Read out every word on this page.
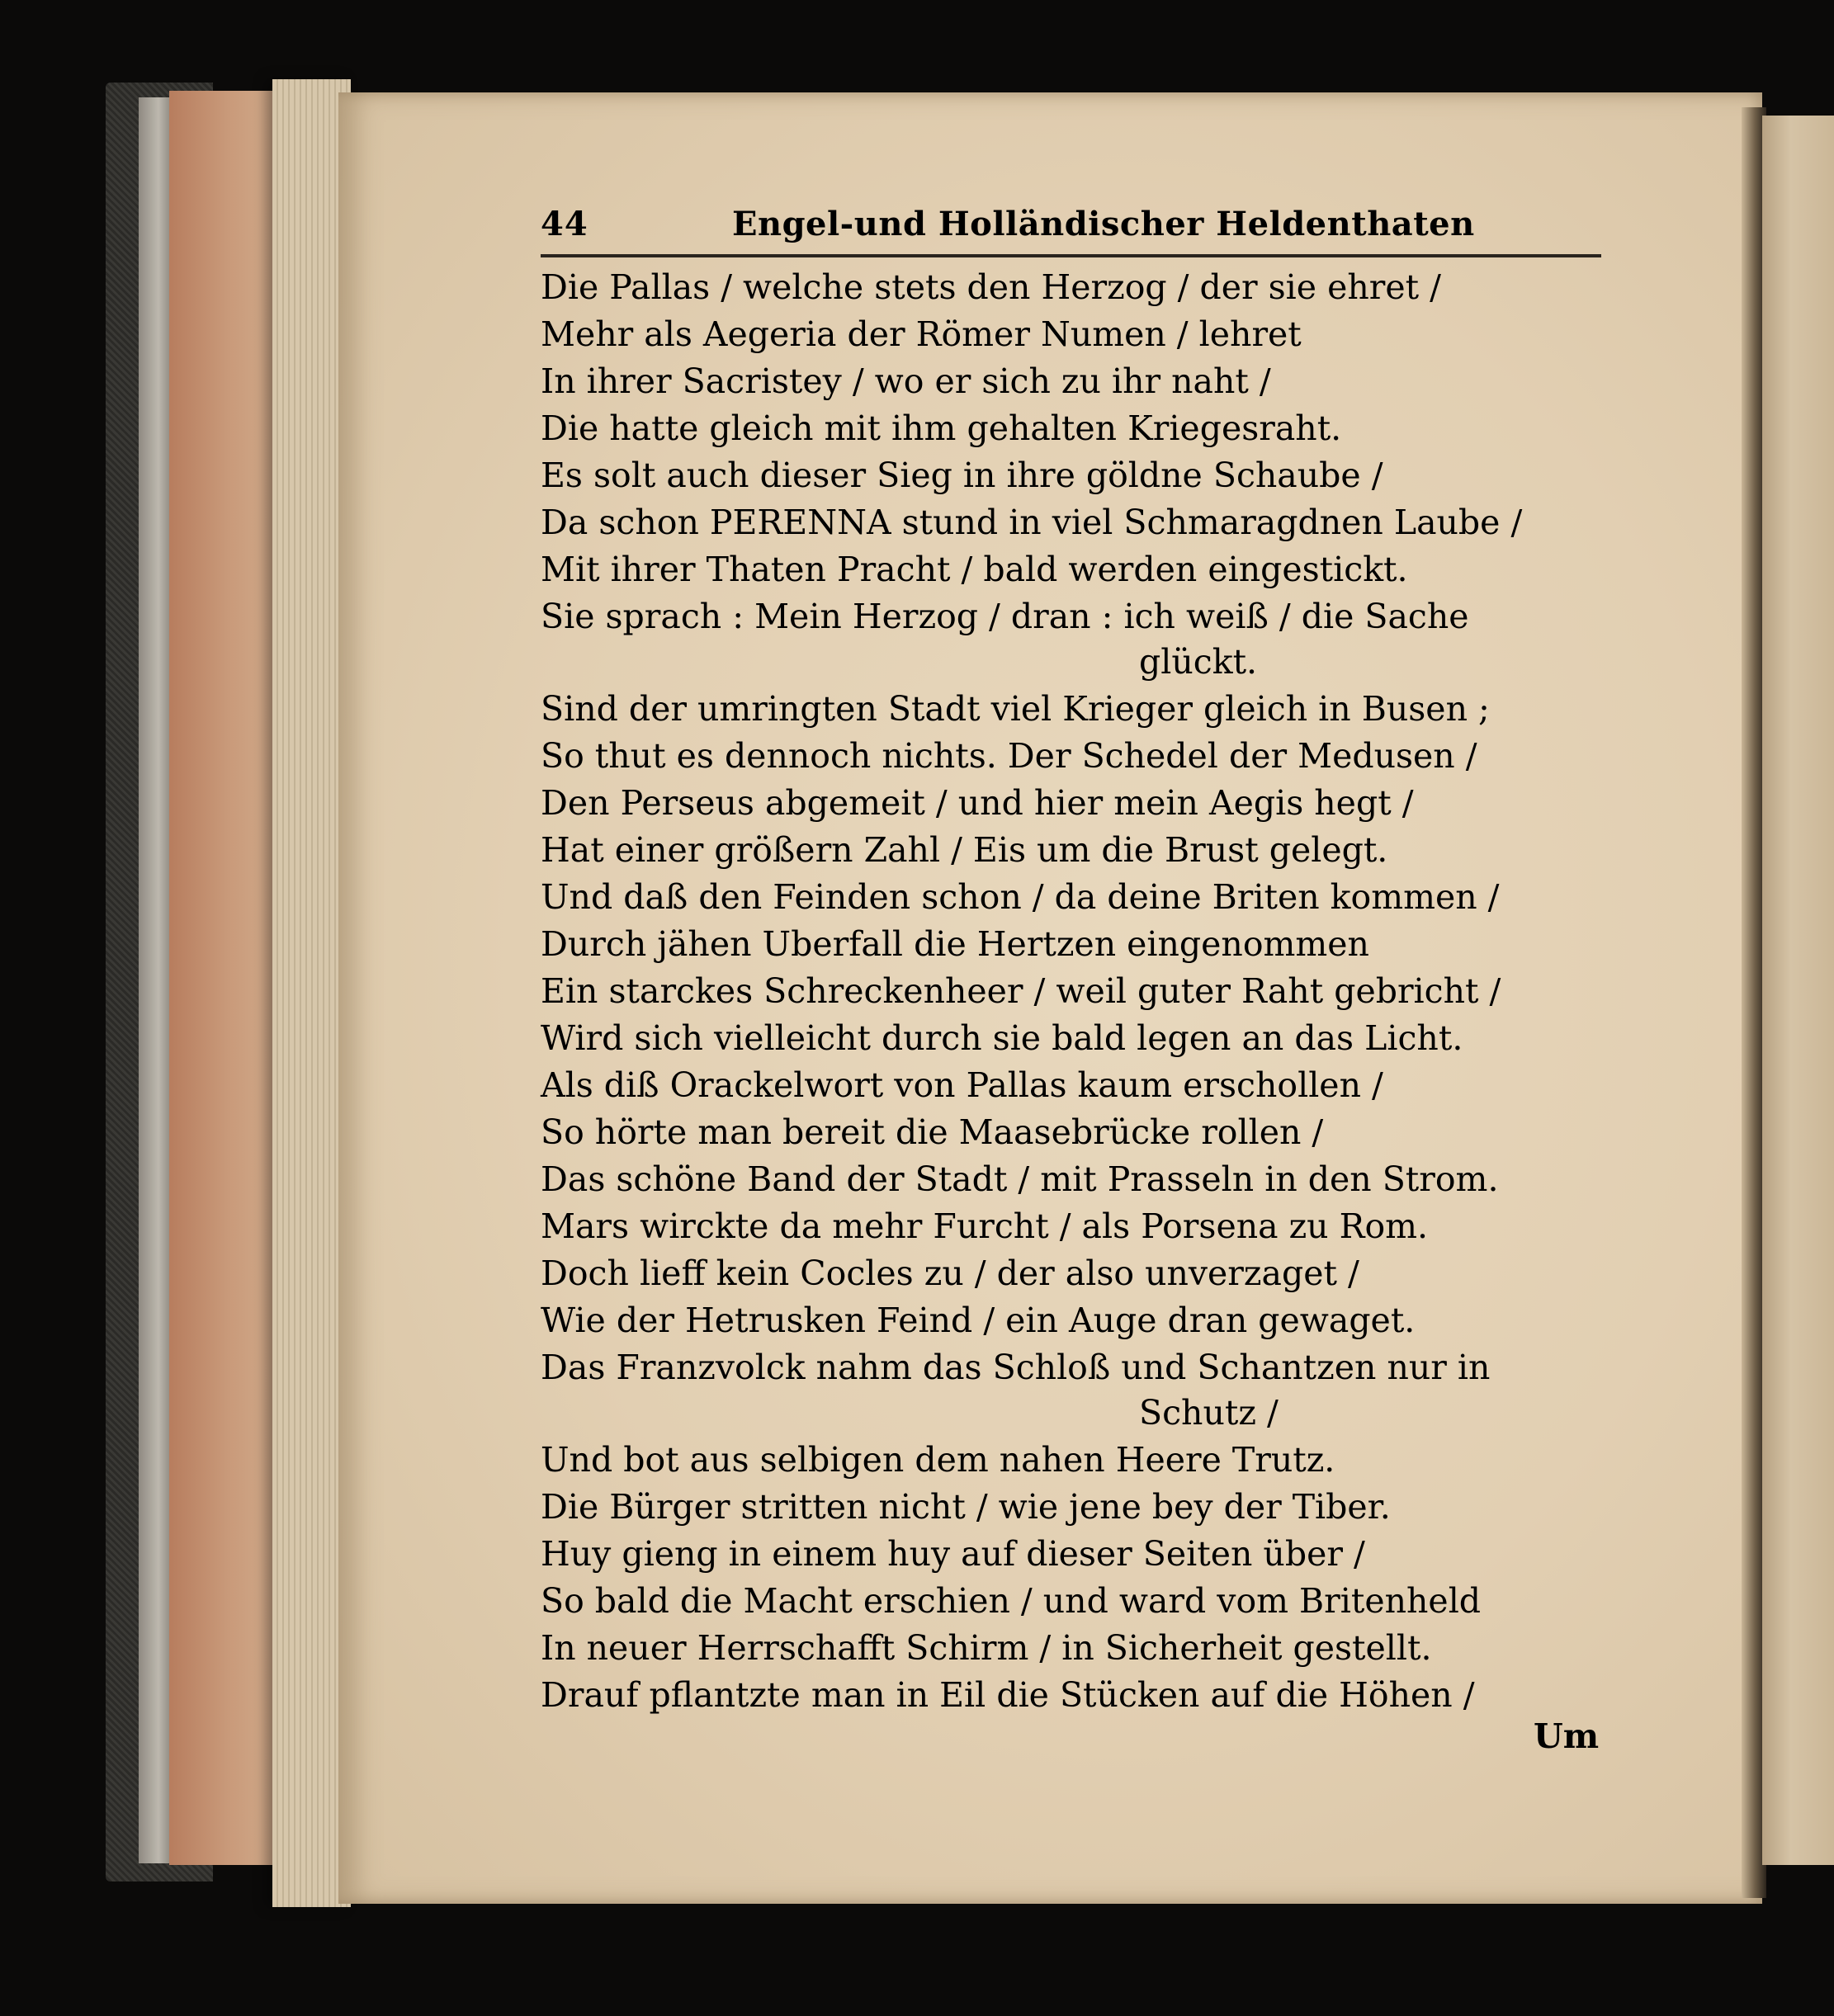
44	Engel-und Holländischer Heldenthaten
Die Pallas / welche stets den Herzog / der sie ehret /
Mehr als Aegeria der Römer Numen / lehret
In ihrer Sacristey / wo er sich zu ihr naht /
Die hatte gleich mit ihm gehalten Kriegesraht.
Es solt auch dieser Sieg in ihre göldne Schaube /
Da schon PERENNA stund in viel Schmaragdnen Laube /
Mit ihrer Thaten Pracht / bald werden eingestickt.
Sie sprach : Mein Herzog / dran : ich weiß / die Sache
glückt.
Sind der umringten Stadt viel Krieger gleich in Busen ;
So thut es dennoch nichts. Der Schedel der Medusen /
Den Perseus abgemeit / und hier mein Aegis hegt /
Hat einer größern Zahl / Eis um die Brust gelegt.
Und daß den Feinden schon / da deine Briten kommen /
Durch jähen Uberfall die Hertzen eingenommen
Ein starckes Schreckenheer / weil guter Raht gebricht /
Wird sich vielleicht durch sie bald legen an das Licht.
Als diß Orackelwort von Pallas kaum erschollen /
So hörte man bereit die Maasebrücke rollen /
Das schöne Band der Stadt / mit Prasseln in den Strom.
Mars wirckte da mehr Furcht / als Porsena zu Rom.
Doch lieff kein Cocles zu / der also unverzaget /
Wie der Hetrusken Feind / ein Auge dran gewaget.
Das Franzvolck nahm das Schloß und Schantzen nur in
Schutz /
Und bot aus selbigen dem nahen Heere Trutz.
Die Bürger stritten nicht / wie jene bey der Tiber.
Huy gieng in einem huy auf dieser Seiten über /
So bald die Macht erschien / und ward vom Britenheld
In neuer Herrschafft Schirm / in Sicherheit gestellt.
Drauf pflantzte man in Eil die Stücken auf die Höhen /
Um
